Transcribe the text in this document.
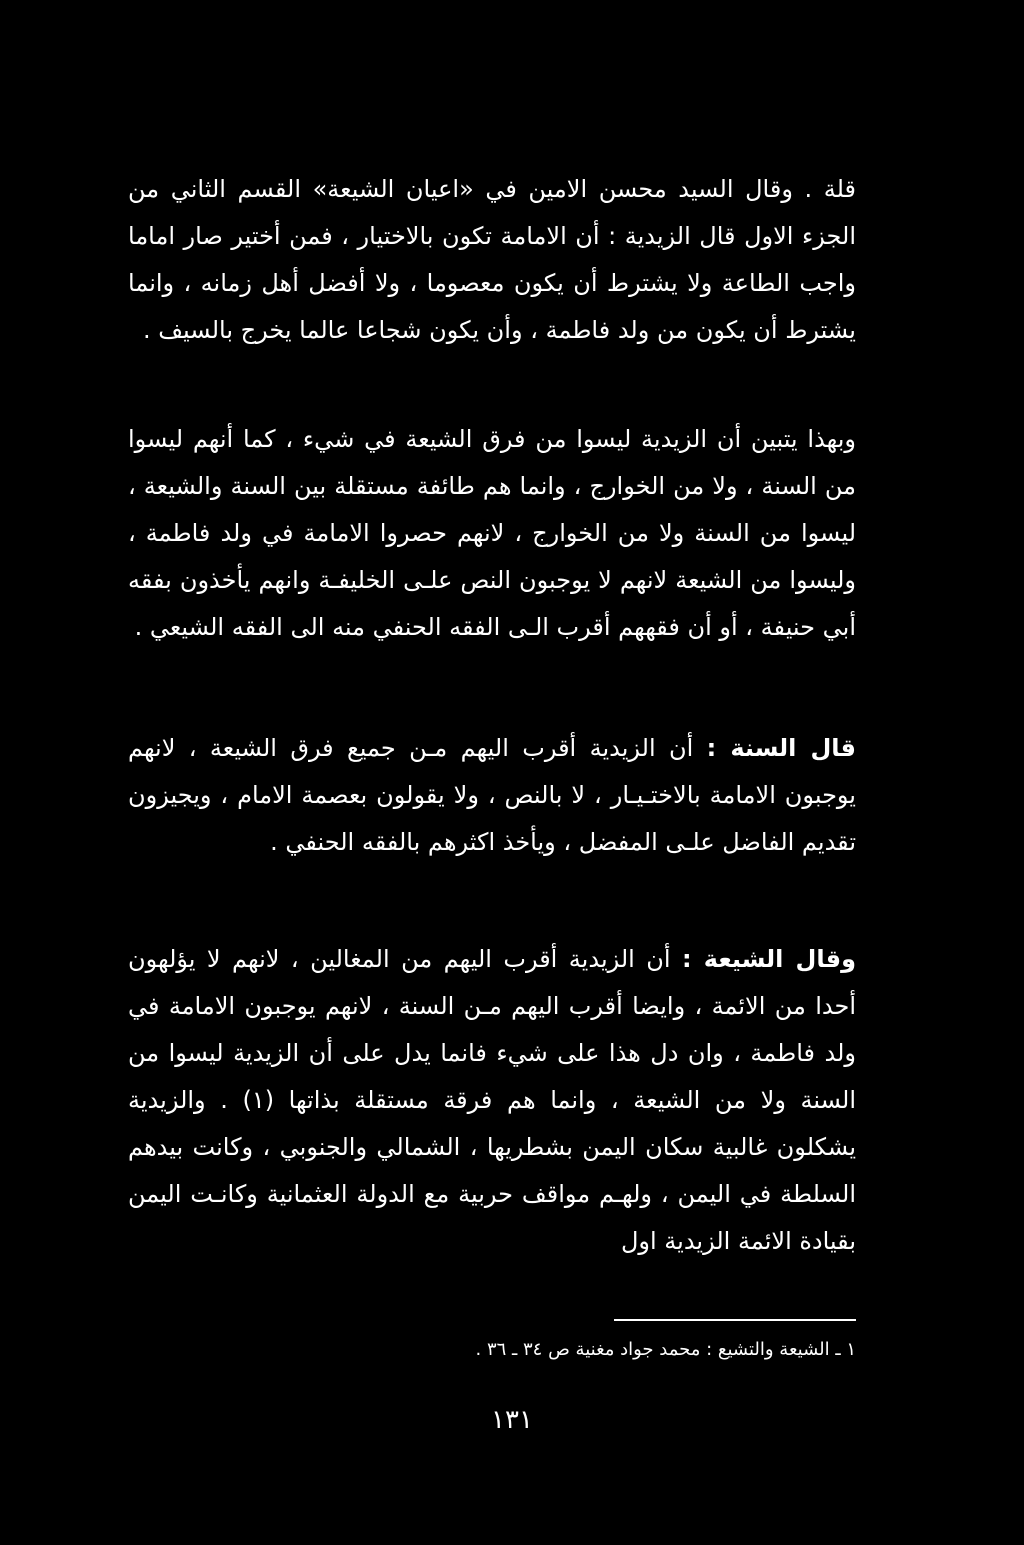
قلة . وقال السيد محسن الامين في «اعيان الشيعة» القسم الثاني من الجزء الاول قال الزيدية : أن الامامة تكون بالاختيار ، فمن أختير صار اماما واجب الطاعة ولا يشترط أن يكون معصوما ، ولا أفضل أهل زمانه ، وانما يشترط أن يكون من ولد فاطمة ، وأن يكون شجاعا عالما يخرج بالسيف .

وبهذا يتبين أن الزيدية ليسوا من فرق الشيعة في شيء ، كما أنهم ليسوا من السنة ، ولا من الخوارج ، وانما هم طائفة مستقلة بين السنة والشيعة ، ليسوا من السنة ولا من الخوارج ، لانهم حصروا الامامة في ولد فاطمة ، وليسوا من الشيعة لانهم لا يوجبون النص علـى الخليفـة وانهم يأخذون بفقه أبي حنيفة ، أو أن فقههم أقرب الـى الفقه الحنفي منه الى الفقه الشيعي .

قال السنة : أن الزيدية أقرب اليهم مـن جميع فرق الشيعة ، لانهم يوجبون الامامة بالاختـيـار ، لا بالنص ، ولا يقولون بعصمة الامام ، ويجيزون تقديم الفاضل علـى المفضل ، ويأخذ اكثرهم بالفقه الحنفي .

وقال الشيعة : أن الزيدية أقرب اليهم من المغالين ، لانهم لا يؤلهون أحدا من الائمة ، وايضا أقرب اليهم مـن السنة ، لانهم يوجبون الامامة في ولد فاطمة ، وان دل هذا على شيء فانما يدل على أن الزيدية ليسوا من السنة ولا من الشيعة ، وانما هم فرقة مستقلة بذاتها (١) . والزيدية يشكلون غالبية سكان اليمن بشطريها ، الشمالي والجنوبي ، وكانت بيدهم السلطة في اليمن ، ولهـم مواقف حربية مع الدولة العثمانية وكانـت اليمن بقيادة الائمة الزيدية اول

١ ـ الشيعة والتشيع : محمد جواد مغنية ص ٣٤ ـ ٣٦ .
١٣١
